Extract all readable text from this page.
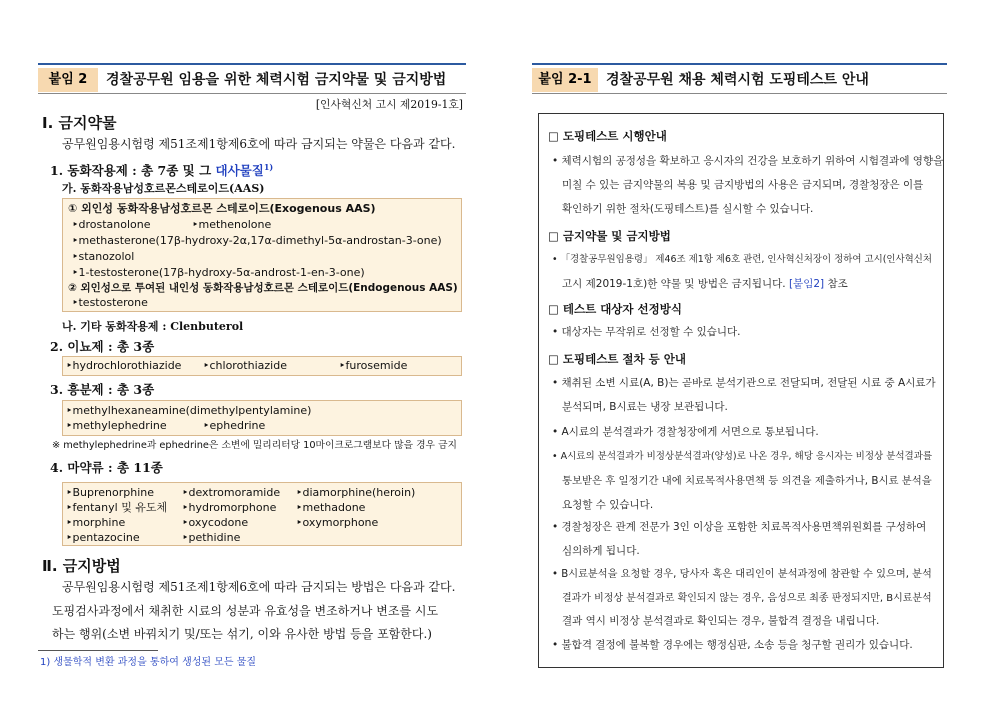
붙임 2	경찰공무원 임용을 위한 체력시험 금지약물 및 금지방법
[인사혁신처 고시 제2019-1호]
Ⅰ. 금지약물
공무원임용시험령 제51조제1항제6호에 따라 금지되는 약물은 다음과 같다.
1. 동화작용제 : 총 7종 및 그 대사물질$^{1)}$
가. 동화작용남성호르몬스테로이드(AAS)
① 외인성 동화작용남성호르몬 스테로이드(Exogenous AAS)
‣drostanolone	‣methenolone
‣methasterone(17β-hydroxy-2α,17α-dimethyl-5α-androstan-3-one)
‣stanozolol
‣1-testosterone(17β-hydroxy-5α-androst-1-en-3-one)
② 외인성으로 투여된 내인성 동화작용남성호르몬 스테로이드(Endogenous AAS)
‣testosterone
나. 기타 동화작용제 : Clenbuterol
2. 이뇨제 : 총 3종
‣hydrochlorothiazide ‣chlorothiazide	‣furosemide
3. 흥분제 : 총 3종
‣methylhexaneamine(dimethylpentylamine)
‣methylephedrine	‣ephedrine
※ methylephedrine과 ephedrine은 소변에 밀리리터당 10마이크로그램보다 많을 경우 금지
4. 마약류 : 총 11종
‣Buprenorphine	‣dextromoramide ‣diamorphine(heroin)
‣fentanyl 및 유도체 ‣hydromorphone ‣methadone
‣morphine	‣oxycodone	‣oxymorphone
‣pentazocine	‣pethidine
Ⅱ. 금지방법
공무원임용시험령 제51조제1항제6호에 따라 금지되는 방법은 다음과 같다.
도핑검사과정에서 채취한 시료의 성분과 유효성을 변조하거나 변조를 시도
하는 행위(소변 바꿔치기 및/또는 섞기, 이와 유사한 방법 등을 포함한다.)
1) 생물학적 변환 과정을 통하여 생성된 모든 물질
붙임 2-1	경찰공무원 채용 체력시험 도핑테스트 안내
□ 도핑테스트 시행안내
• 체력시험의 공정성을 확보하고 응시자의 건강을 보호하기 위하여 시험결과에 영향을
미칠 수 있는 금지약물의 복용 및 금지방법의 사용은 금지되며, 경찰청장은 이를
확인하기 위한 절차(도핑테스트)를 실시할 수 있습니다.
□ 금지약물 및 금지방법
• 「경찰공무원임용령」 제46조 제1항 제6호 관련, 인사혁신처장이 정하여 고시(인사혁신처
고시 제2019-1호)한 약물 및 방법은 금지됩니다. [붙임2] 참조
□ 테스트 대상자 선정방식
• 대상자는 무작위로 선정할 수 있습니다.
□ 도핑테스트 절차 등 안내
• 채취된 소변 시료(A, B)는 곧바로 분석기관으로 전달되며, 전달된 시료 중 A시료가
분석되며, B시료는 냉장 보관됩니다.
• A시료의 분석결과가 경찰청장에게 서면으로 통보됩니다.
• A시료의 분석결과가 비정상분석결과(양성)로 나온 경우, 해당 응시자는 비정상 분석결과를
통보받은 후 일정기간 내에 치료목적사용면책 등 의견을 제출하거나, B시료 분석을
요청할 수 있습니다.
• 경찰청장은 관계 전문가 3인 이상을 포함한 치료목적사용면책위원회를 구성하여
심의하게 됩니다.
• B시료분석을 요청할 경우, 당사자 혹은 대리인이 분석과정에 참관할 수 있으며, 분석
결과가 비정상 분석결과로 확인되지 않는 경우, 음성으로 최종 판정되지만, B시료분석
결과 역시 비정상 분석결과로 확인되는 경우, 불합격 결정을 내립니다.
• 불합격 결정에 불복할 경우에는 행정심판, 소송 등을 청구할 권리가 있습니다.
